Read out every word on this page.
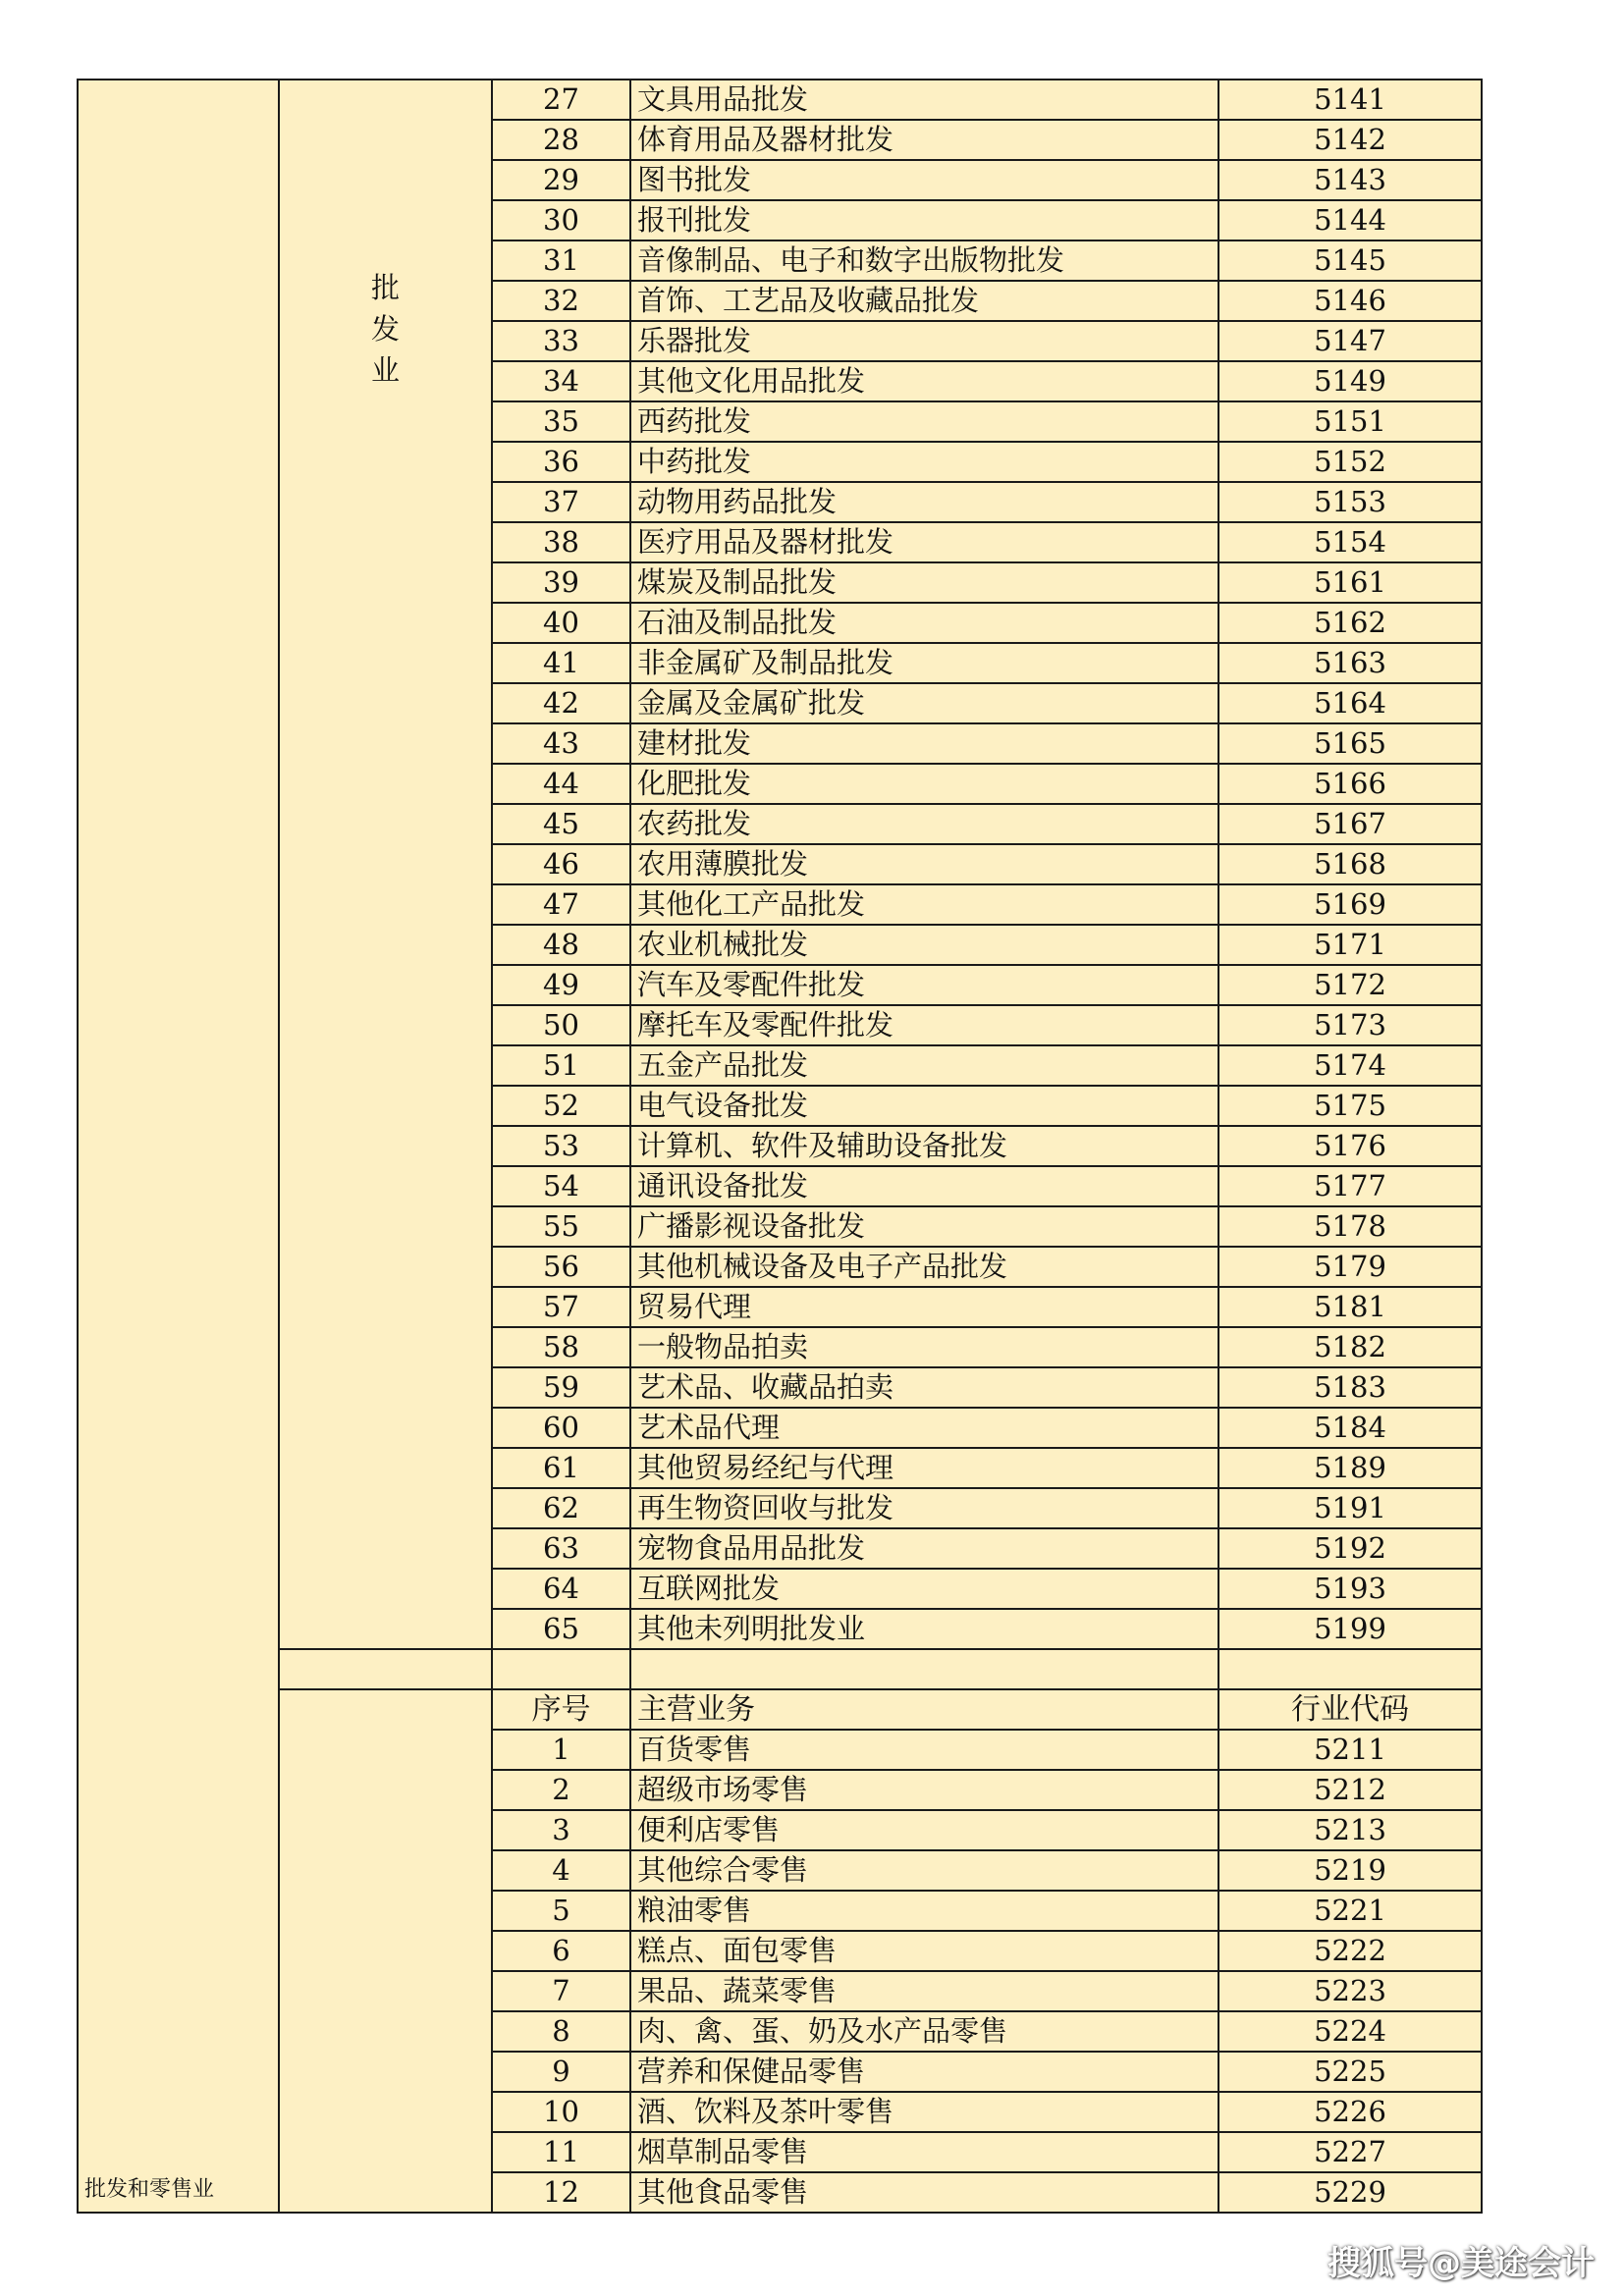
批发和零售业	批
发
业	27	文具用品批发	5141
		28	体育用品及器材批发	5142
		29	图书批发	5143
		30	报刊批发	5144
		31	音像制品、电子和数字出版物批发	5145
		32	首饰、工艺品及收藏品批发	5146
		33	乐器批发	5147
		34	其他文化用品批发	5149
		35	西药批发	5151
		36	中药批发	5152
		37	动物用药品批发	5153
		38	医疗用品及器材批发	5154
		39	煤炭及制品批发	5161
		40	石油及制品批发	5162
		41	非金属矿及制品批发	5163
		42	金属及金属矿批发	5164
		43	建材批发	5165
		44	化肥批发	5166
		45	农药批发	5167
		46	农用薄膜批发	5168
		47	其他化工产品批发	5169
		48	农业机械批发	5171
		49	汽车及零配件批发	5172
		50	摩托车及零配件批发	5173
		51	五金产品批发	5174
		52	电气设备批发	5175
		53	计算机、软件及辅助设备批发	5176
		54	通讯设备批发	5177
		55	广播影视设备批发	5178
		56	其他机械设备及电子产品批发	5179
		57	贸易代理	5181
		58	一般物品拍卖	5182
		59	艺术品、收藏品拍卖	5183
		60	艺术品代理	5184
		61	其他贸易经纪与代理	5189
		62	再生物资回收与批发	5191
		63	宠物食品用品批发	5192
		64	互联网批发	5193
		65	其他未列明批发业	5199

		序号	主营业务	行业代码
		1	百货零售	5211
		2	超级市场零售	5212
		3	便利店零售	5213
		4	其他综合零售	5219
		5	粮油零售	5221
		6	糕点、面包零售	5222
		7	果品、蔬菜零售	5223
		8	肉、禽、蛋、奶及水产品零售	5224
		9	营养和保健品零售	5225
		10	酒、饮料及茶叶零售	5226
		11	烟草制品零售	5227
		12	其他食品零售	5229
搜狐号@美途会计
